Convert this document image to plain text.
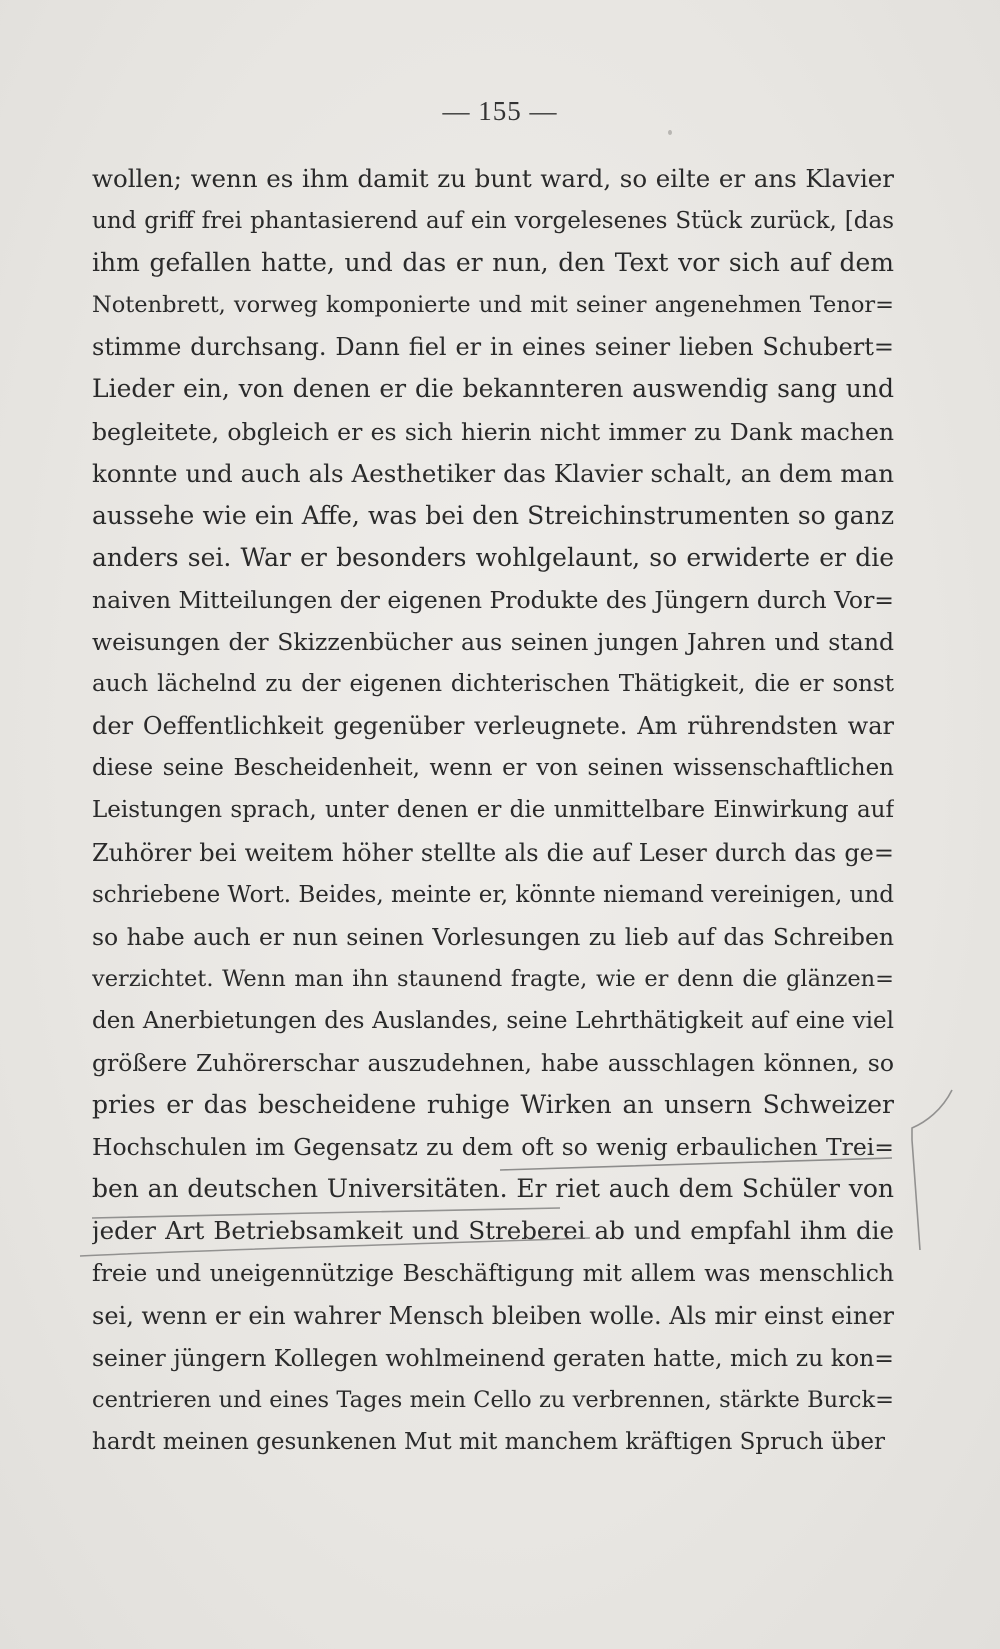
— 155 —
wollen; wenn es ihm damit zu bunt ward, so eilte er ans Klavier
und griff frei phantasierend auf ein vorgelesenes Stück zurück, [das
ihm gefallen hatte, und das er nun, den Text vor sich auf dem
Notenbrett, vorweg komponierte und mit seiner angenehmen Tenor=
stimme durchsang. Dann fiel er in eines seiner lieben Schubert=
Lieder ein, von denen er die bekannteren auswendig sang und
begleitete, obgleich er es sich hierin nicht immer zu Dank machen
konnte und auch als Aesthetiker das Klavier schalt, an dem man
aussehe wie ein Affe, was bei den Streichinstrumenten so ganz
anders sei. War er besonders wohlgelaunt, so erwiderte er die
naiven Mitteilungen der eigenen Produkte des Jüngern durch Vor=
weisungen der Skizzenbücher aus seinen jungen Jahren und stand
auch lächelnd zu der eigenen dichterischen Thätigkeit, die er sonst
der Oeffentlichkeit gegenüber verleugnete. Am rührendsten war
diese seine Bescheidenheit, wenn er von seinen wissenschaftlichen
Leistungen sprach, unter denen er die unmittelbare Einwirkung auf
Zuhörer bei weitem höher stellte als die auf Leser durch das ge=
schriebene Wort. Beides, meinte er, könnte niemand vereinigen, und
so habe auch er nun seinen Vorlesungen zu lieb auf das Schreiben
verzichtet. Wenn man ihn staunend fragte, wie er denn die glänzen=
den Anerbietungen des Auslandes, seine Lehrthätigkeit auf eine viel
größere Zuhörerschar auszudehnen, habe ausschlagen können, so
pries er das bescheidene ruhige Wirken an unsern Schweizer
Hochschulen im Gegensatz zu dem oft so wenig erbaulichen Trei=
ben an deutschen Universitäten. Er riet auch dem Schüler von
jeder Art Betriebsamkeit und Streberei ab und empfahl ihm die
freie und uneigennützige Beschäftigung mit allem was menschlich
sei, wenn er ein wahrer Mensch bleiben wolle. Als mir einst einer
seiner jüngern Kollegen wohlmeinend geraten hatte, mich zu kon=
centrieren und eines Tages mein Cello zu verbrennen, stärkte Burck=
hardt meinen gesunkenen Mut mit manchem kräftigen Spruch über
